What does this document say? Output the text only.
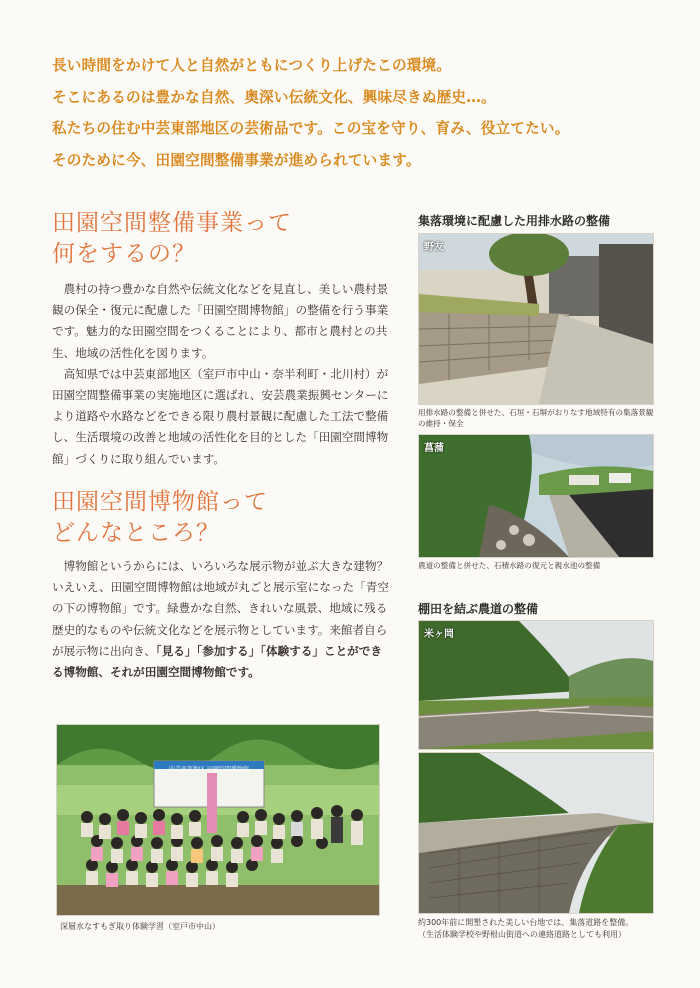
長い時間をかけて人と自然がともにつくり上げたこの環境。
そこにあるのは豊かな自然、奥深い伝統文化、興味尽きぬ歴史…。
私たちの住む中芸東部地区の芸術品です。この宝を守り、育み、役立てたい。
そのために今、田園空間整備事業が進められています。
田園空間整備事業って
何をするの？

農村の持つ豊かな自然や伝統文化などを見直し、美しい農村景観の保全・復元に配慮した「田園空間博物館」の整備を行う事業です。魅力的な田園空間をつくることにより、都市と農村との共生、地域の活性化を図ります。

高知県では中芸東部地区（室戸市中山・奈半利町・北川村）が田園空間整備事業の実施地区に選ばれ、安芸農業振興センターにより道路や水路などをできる限り農村景観に配慮した工法で整備し、生活環境の改善と地域の活性化を目的とした「田園空間博物館」づくりに取り組んでいます。

田園空間博物館って
どんなところ？

博物館というからには、いろいろな展示物が並ぶ大きな建物？　いえいえ、田園空間博物館は地域が丸ごと展示室になった「青空の下の博物館」です。緑豊かな自然、きれいな風景、地域に残る歴史的なものや伝統文化などを展示物としています。来館者自らが展示物に出向き、「見る」「参加する」「体験する」ことができる博物館、それが田園空間博物館です。

中芸東部地区 田園空間博物館
深層水なすもぎ取り体験学習（室戸市中山）
集落環境に配慮した用排水路の整備
野友
用排水路の整備と併せた、石垣・石塀がおりなす地域特有の集落景観の維持・保全
菖蒲
農道の整備と併せた、石積水路の復元と親水池の整備
棚田を結ぶ農道の整備
米ヶ岡
約300年前に開墾された美しい台地では、集落道路を整備。
（生活体験学校や野根山街道への連絡道路としても利用）
